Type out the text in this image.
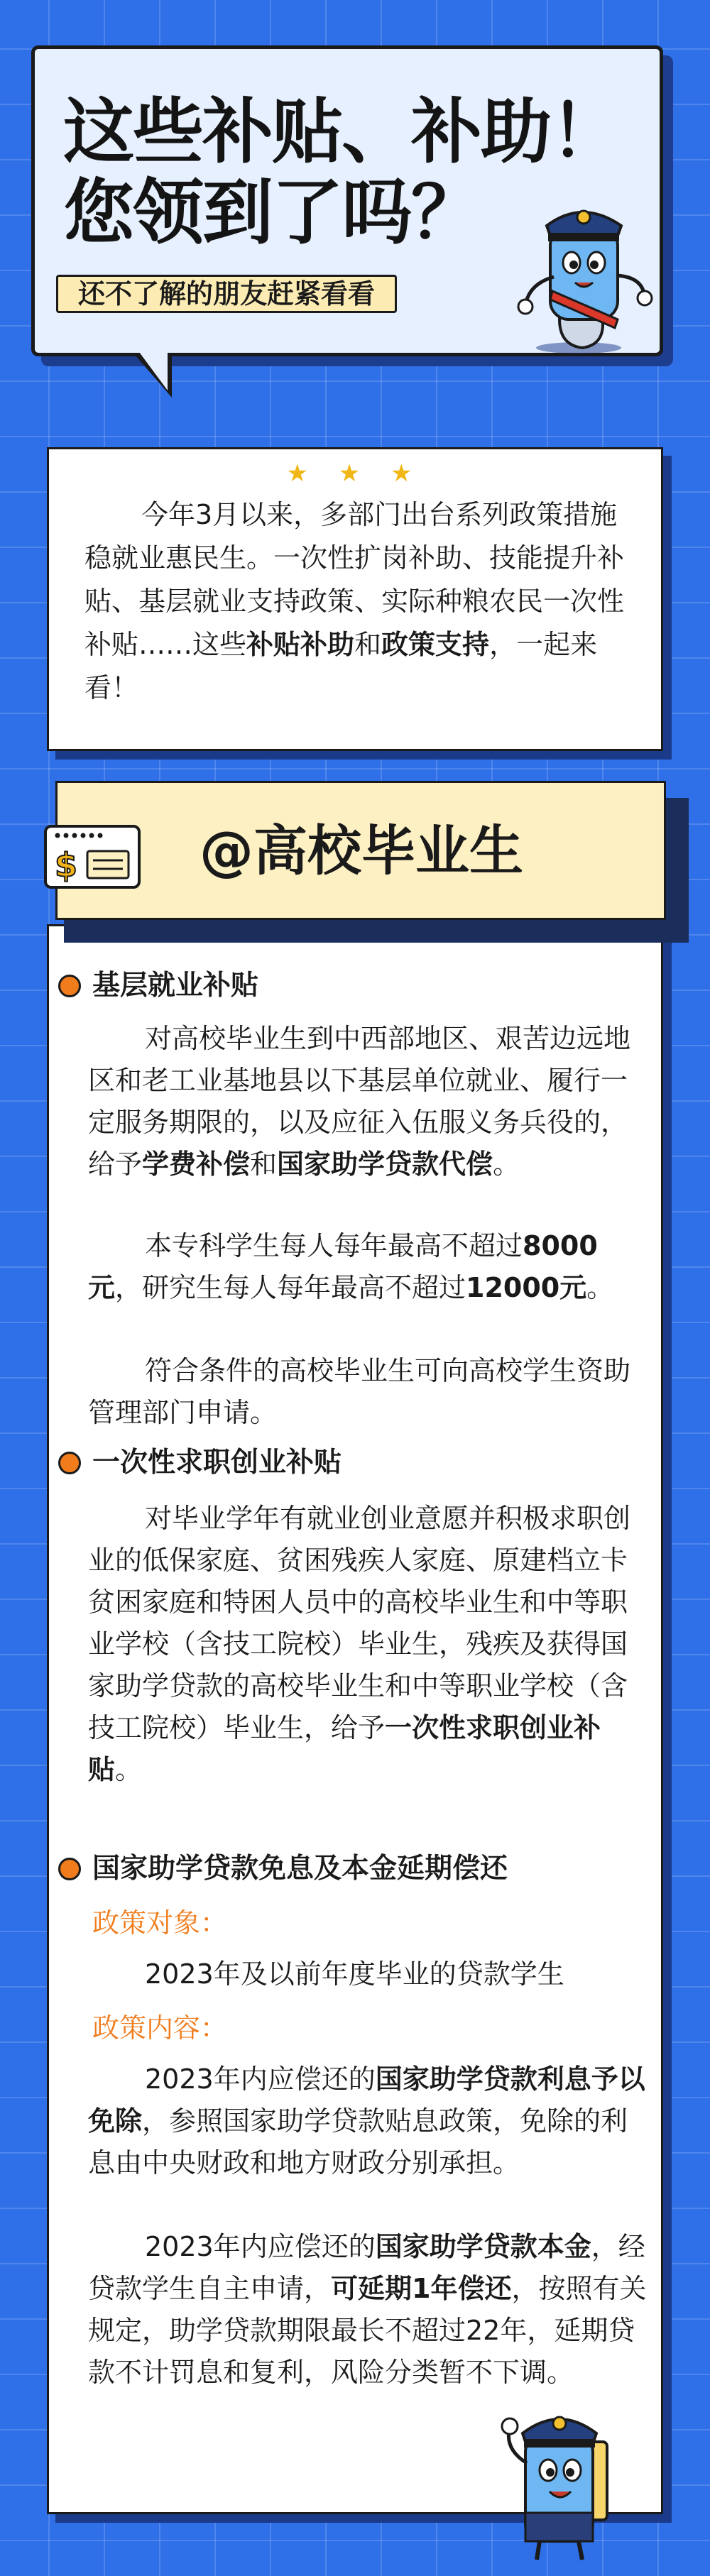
这些补贴、补助！
您领到了吗？
还不了解的朋友赶紧看看
★ ★ ★

今年3月以来，多部门出台系列政策措施稳就业惠民生。一次性扩岗补助、技能提升补贴、基层就业支持政策、实际种粮农民一次性补贴……这些补贴补助和政策支持，一起来看！

$ @高校毕业生
基层就业补贴

对高校毕业生到中西部地区、艰苦边远地区和老工业基地县以下基层单位就业、履行一定服务期限的，以及应征入伍服义务兵役的，给予学费补偿和国家助学贷款代偿。

本专科学生每人每年最高不超过8000元，研究生每人每年最高不超过12000元。

符合条件的高校毕业生可向高校学生资助管理部门申请。

一次性求职创业补贴

对毕业学年有就业创业意愿并积极求职创业的低保家庭、贫困残疾人家庭、原建档立卡贫困家庭和特困人员中的高校毕业生和中等职业学校（含技工院校）毕业生，残疾及获得国家助学贷款的高校毕业生和中等职业学校（含技工院校）毕业生，给予一次性求职创业补贴。

国家助学贷款免息及本金延期偿还
政策对象：

2023年及以前年度毕业的贷款学生

政策内容：

2023年内应偿还的国家助学贷款利息予以免除，参照国家助学贷款贴息政策，免除的利息由中央财政和地方财政分别承担。

2023年内应偿还的国家助学贷款本金，经贷款学生自主申请，可延期1年偿还，按照有关规定，助学贷款期限最长不超过22年，延期贷款不计罚息和复利，风险分类暂不下调。
